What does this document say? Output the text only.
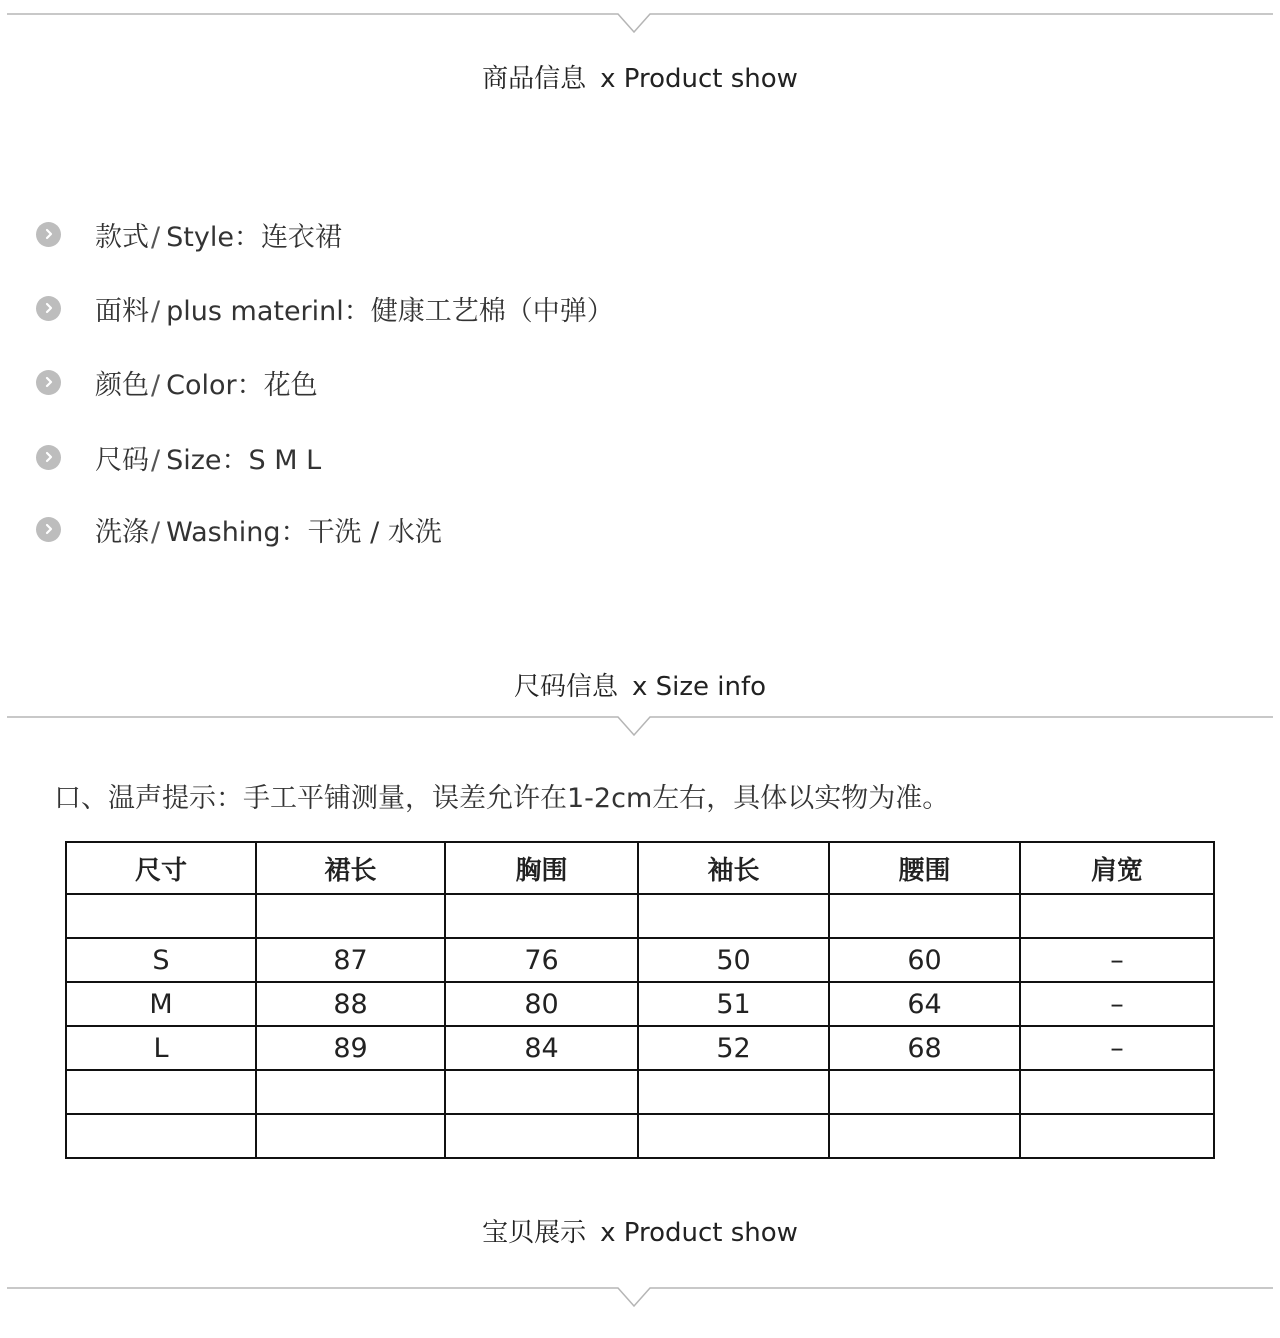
商品信息 x Product show
款式/ Style：连衣裙
面料/ plus materinl：健康工艺棉（中弹）
颜色/ Color：花色
尺码/ Size：S M L
洗涤/ Washing：干洗 / 水洗
尺码信息 x Size info
口、温声提示：手工平铺测量，误差允许在1-2cm左右，具体以实物为准。
尺寸	裙长	胸围	袖长	腰围	肩宽

S	87	76	50	60	–
M	88	80	51	64	–
L	89	84	52	68	–

宝贝展示 x Product show
